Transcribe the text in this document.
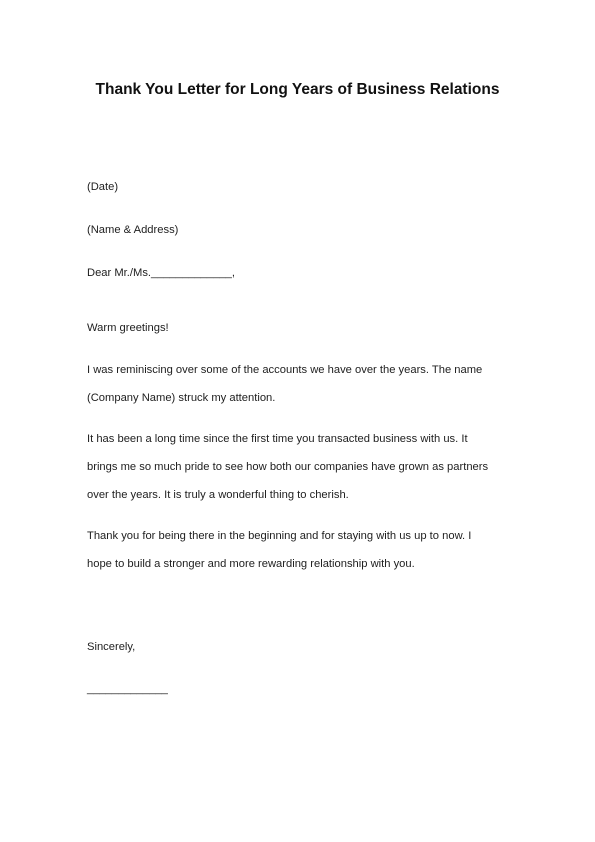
Thank You Letter for Long Years of Business Relations
(Date)
(Name & Address)
Dear Mr./Ms._____________,
Warm greetings!
I was reminiscing over some of the accounts we have over the years. The name
(Company Name) struck my attention.
It has been a long time since the first time you transacted business with us. It
brings me so much pride to see how both our companies have grown as partners
over the years. It is truly a wonderful thing to cherish.
Thank you for being there in the beginning and for staying with us up to now. I
hope to build a stronger and more rewarding relationship with you.
Sincerely,
_____________
